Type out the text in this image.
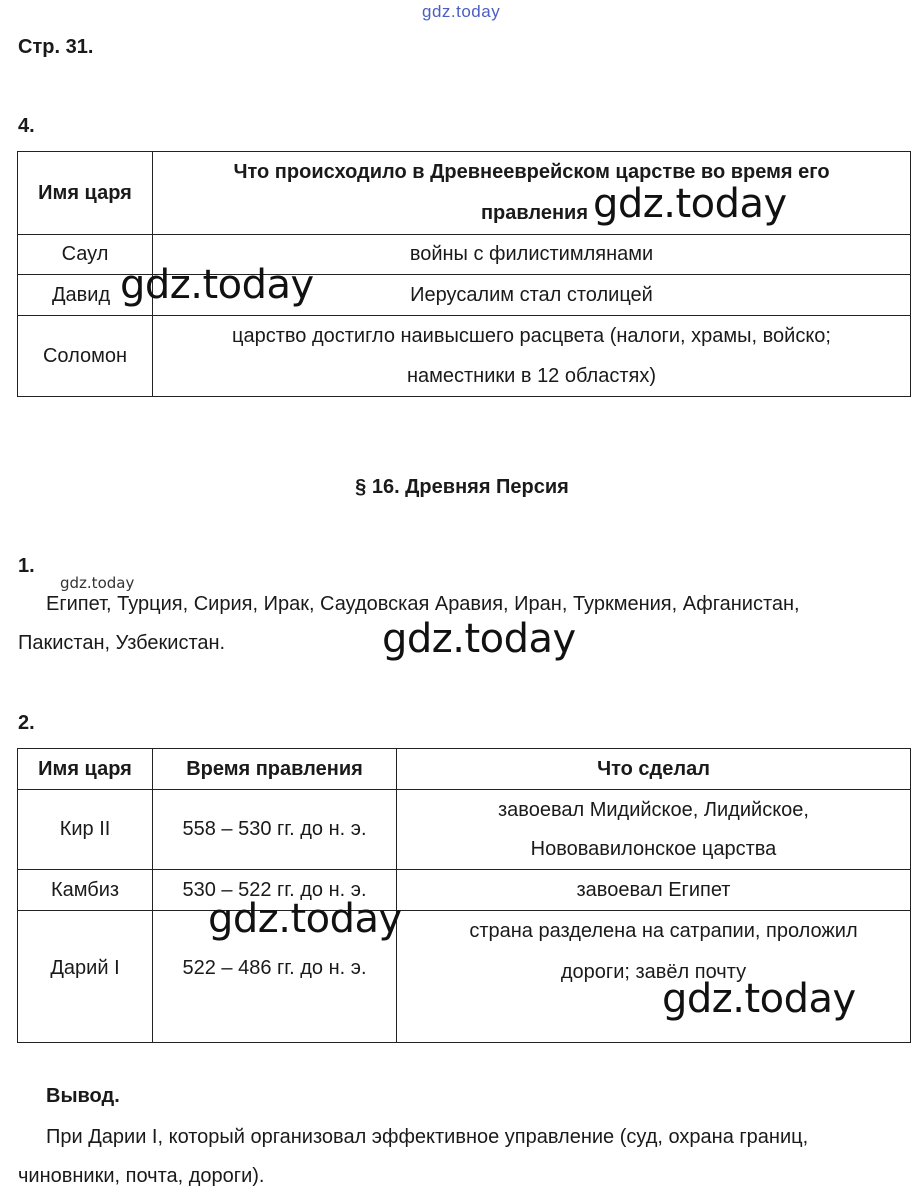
gdz.today
Стр. 31.
4.
Имя царя	Что происходило в Древнееврейском царстве во время его
правления

Саул	войны с филистимлянами
Давид	Иерусалим стал столицей
Соломон	царство достигло наивысшего расцвета (налоги, храмы, войско;
наместники в 12 областях)
gdz.today
gdz.today
§ 16. Древняя Персия
1.
gdz.today
Египет, Турция, Сирия, Ирак, Саудовская Аравия, Иран, Туркмения, Афганистан,
Пакистан, Узбекистан.	gdz.today
2.
Имя царя	Время правления	Что сделал
Кир II	558 – 530 гг. до н. э.	завоевал Мидийское, Лидийское,
Нововавилонское царства

Камбиз	530 – 522 гг. до н. э.	завоевал Египет
Дарий I	522 – 486 гг. до н. э.	страна разделена на сатрапии, проложил
дороги; завёл почту
gdz.today
gdz.today
Вывод.
При Дарии I, который организовал эффективное управление (суд, охрана границ,
чиновники, почта, дороги).
